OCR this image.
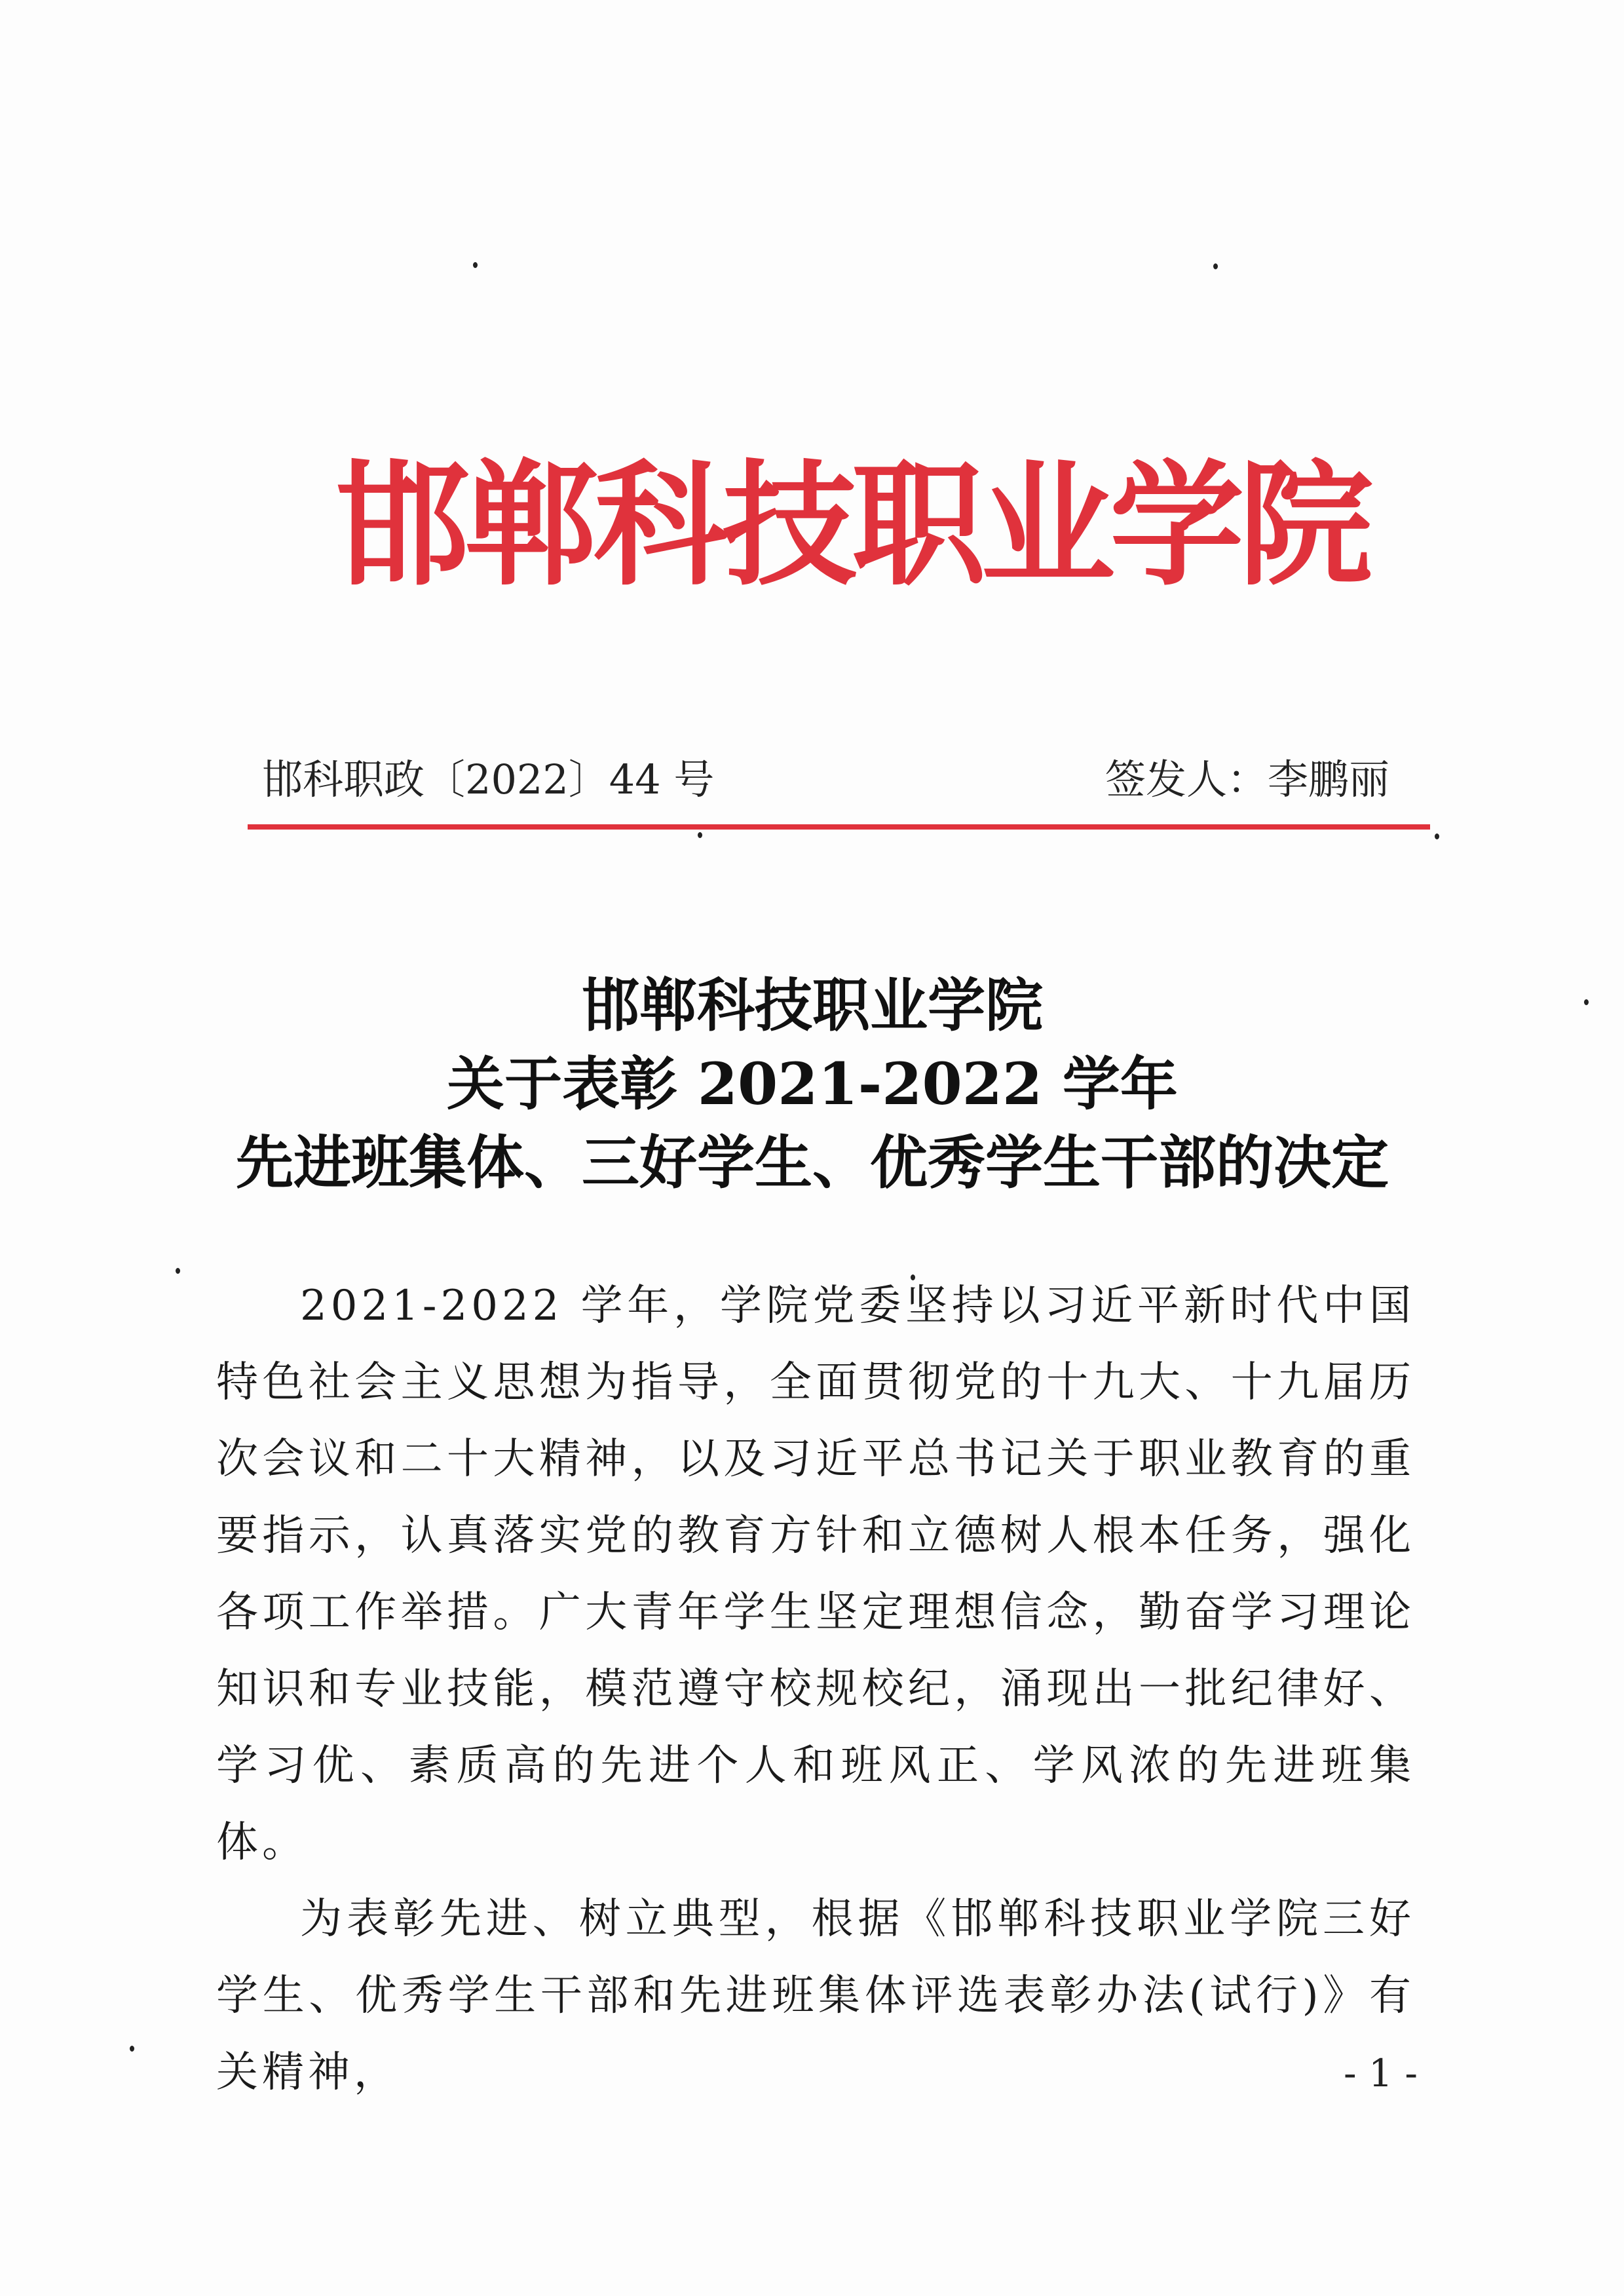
邯郸科技职业学院
邯科职政〔2022〕44 号	签发人：李鹏丽
邯郸科技职业学院
关于表彰 2021-2022 学年
先进班集体、三好学生、优秀学生干部的决定

2021-2022 学年，学院党委坚持以习近平新时代中国特色社会主义思想为指导，全面贯彻党的十九大、十九届历次会议和二十大精神，以及习近平总书记关于职业教育的重要指示，认真落实党的教育方针和立德树人根本任务，强化各项工作举措。广大青年学生坚定理想信念，勤奋学习理论知识和专业技能，模范遵守校规校纪，涌现出一批纪律好、学习优、素质高的先进个人和班风正、学风浓的先进班集体。

为表彰先进、树立典型，根据《邯郸科技职业学院三好学生、优秀学生干部和先进班集体评选表彰办法(试行)》有关精神，	- 1 -
